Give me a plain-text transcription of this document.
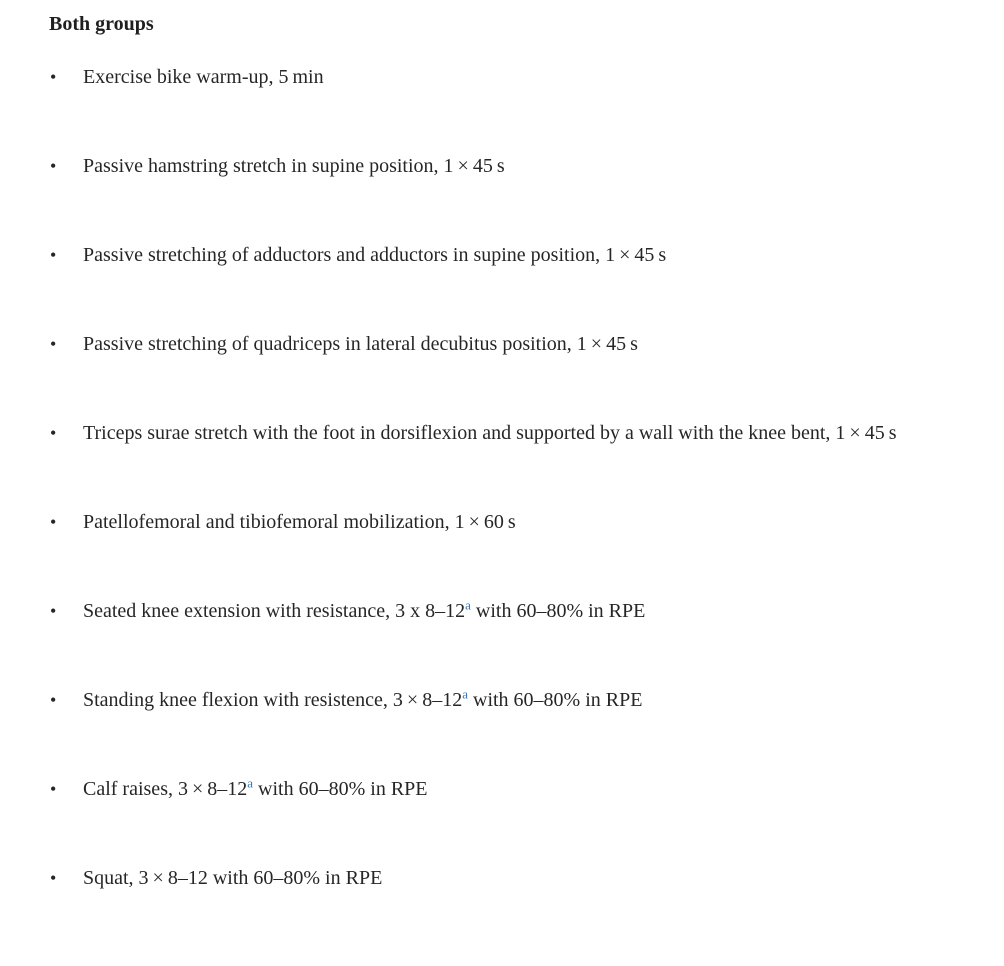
Both groups
•	Exercise bike warm-up, 5 min
•	Passive hamstring stretch in supine position, 1 × 45 s
•	Passive stretching of adductors and adductors in supine position, 1 × 45 s
•	Passive stretching of quadriceps in lateral decubitus position, 1 × 45 s
•	Triceps surae stretch with the foot in dorsiflexion and supported by a wall with the knee bent, 1 × 45 s
•	Patellofemoral and tibiofemoral mobilization, 1 × 60 s
•	Seated knee extension with resistance, 3 x 8–12$^a$ with 60–80% in RPE
•	Standing knee flexion with resistence, 3 × 8–12$^a$ with 60–80% in RPE
•	Calf raises, 3 × 8–12$^a$ with 60–80% in RPE
•	Squat, 3 × 8–12 with 60–80% in RPE
